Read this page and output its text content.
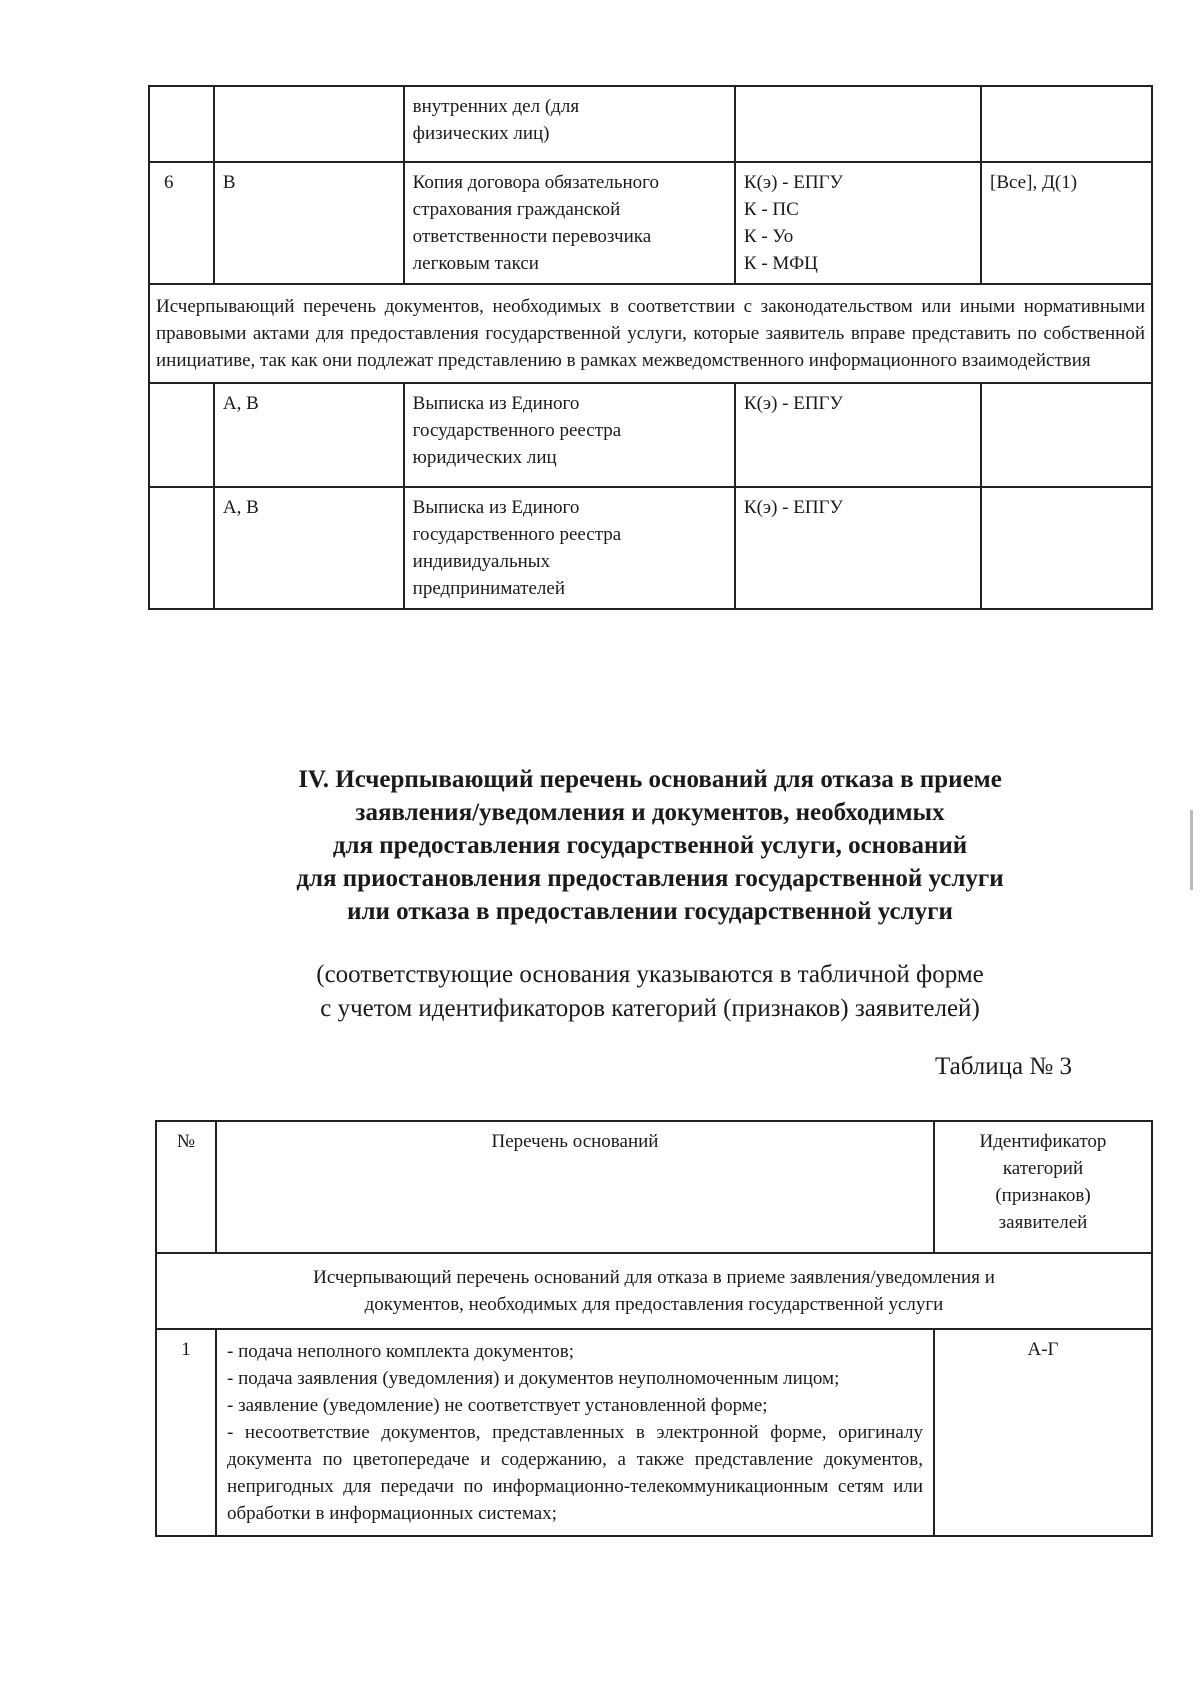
		внутренних дел (для
физических лиц)		
6	В	Копия договора обязательного
страхования гражданской
ответственности перевозчика
легковым такси	К(э) - ЕПГУ
К - ПС
К - Уо
К - МФЦ	[Все], Д(1)
Исчерпывающий перечень документов, необходимых в соответствии с законодательством или иными нормативными правовыми актами для предоставления государственной услуги, которые заявитель вправе представить по собственной инициативе, так как они подлежат представлению в рамках межведомственного информационного взаимодействия				
	А, В	Выписка из Единого
государственного реестра
юридических лиц	К(э) - ЕПГУ	
	А, В	Выписка из Единого
государственного реестра
индивидуальных
предпринимателей	К(э) - ЕПГУ	
IV. Исчерпывающий перечень оснований для отказа в приеме
заявления/уведомления и документов, необходимых
для предоставления государственной услуги, оснований
для приостановления предоставления государственной услуги
или отказа в предоставлении государственной услуги

(соответствующие основания указываются в табличной форме
с учетом идентификаторов категорий (признаков) заявителей)

Таблица № 3

№	Перечень оснований	Идентификатор
категорий
(признаков)
заявителей
Исчерпывающий перечень оснований для отказа в приеме заявления/уведомления и
документов, необходимых для предоставления государственной услуги		
1	- подача неполного комплекта документов;
- подача заявления (уведомления) и документов неуполномоченным лицом;
- заявление (уведомление) не соответствует установленной форме;
- несоответствие документов, представленных в электронной форме, оригиналу документа по цветопередаче и содержанию, а также представление документов, непригодных для передачи по информационно-телекоммуникационным сетям или обработки в информационных системах;	А-Г
